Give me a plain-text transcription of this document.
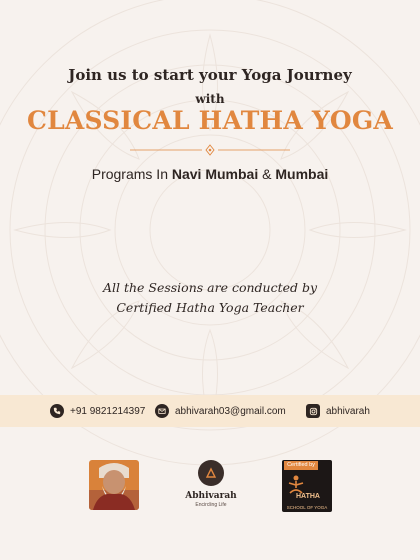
Join us to start your Yoga Journey
with
CLASSICAL HATHA YOGA
Programs In Navi Mumbai & Mumbai
All the Sessions are conducted by
Certified Hatha Yoga Teacher
+91 9821214397	abhivarah03@gmail.com	abhivarah
Abhivarah
Encircling Life
Certified by
HATHA
SCHOOL OF YOGA
